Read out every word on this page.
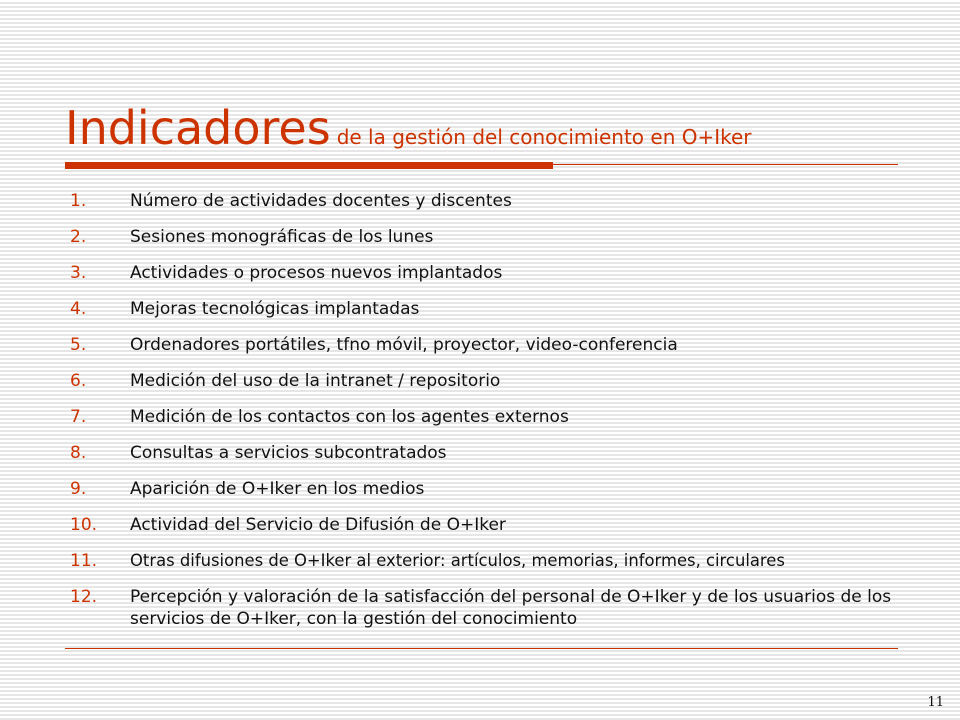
Indicadores de la gestión del conocimiento en O+Iker
1.	Número de actividades docentes y discentes
2.	Sesiones monográficas de los lunes
3.	Actividades o procesos nuevos implantados
4.	Mejoras tecnológicas implantadas
5.	Ordenadores portátiles, tfno móvil, proyector, video-conferencia
6.	Medición del uso de la intranet / repositorio
7.	Medición de los contactos con los agentes externos
8.	Consultas a servicios subcontratados
9.	Aparición de O+Iker en los medios
10.	Actividad del Servicio de Difusión de O+Iker
11.	Otras difusiones de O+Iker al exterior: artículos, memorias, informes, circulares
12.	Percepción y valoración de la satisfacción del personal de O+Iker y de los usuarios de los servicios de O+Iker, con la gestión del conocimiento
11
